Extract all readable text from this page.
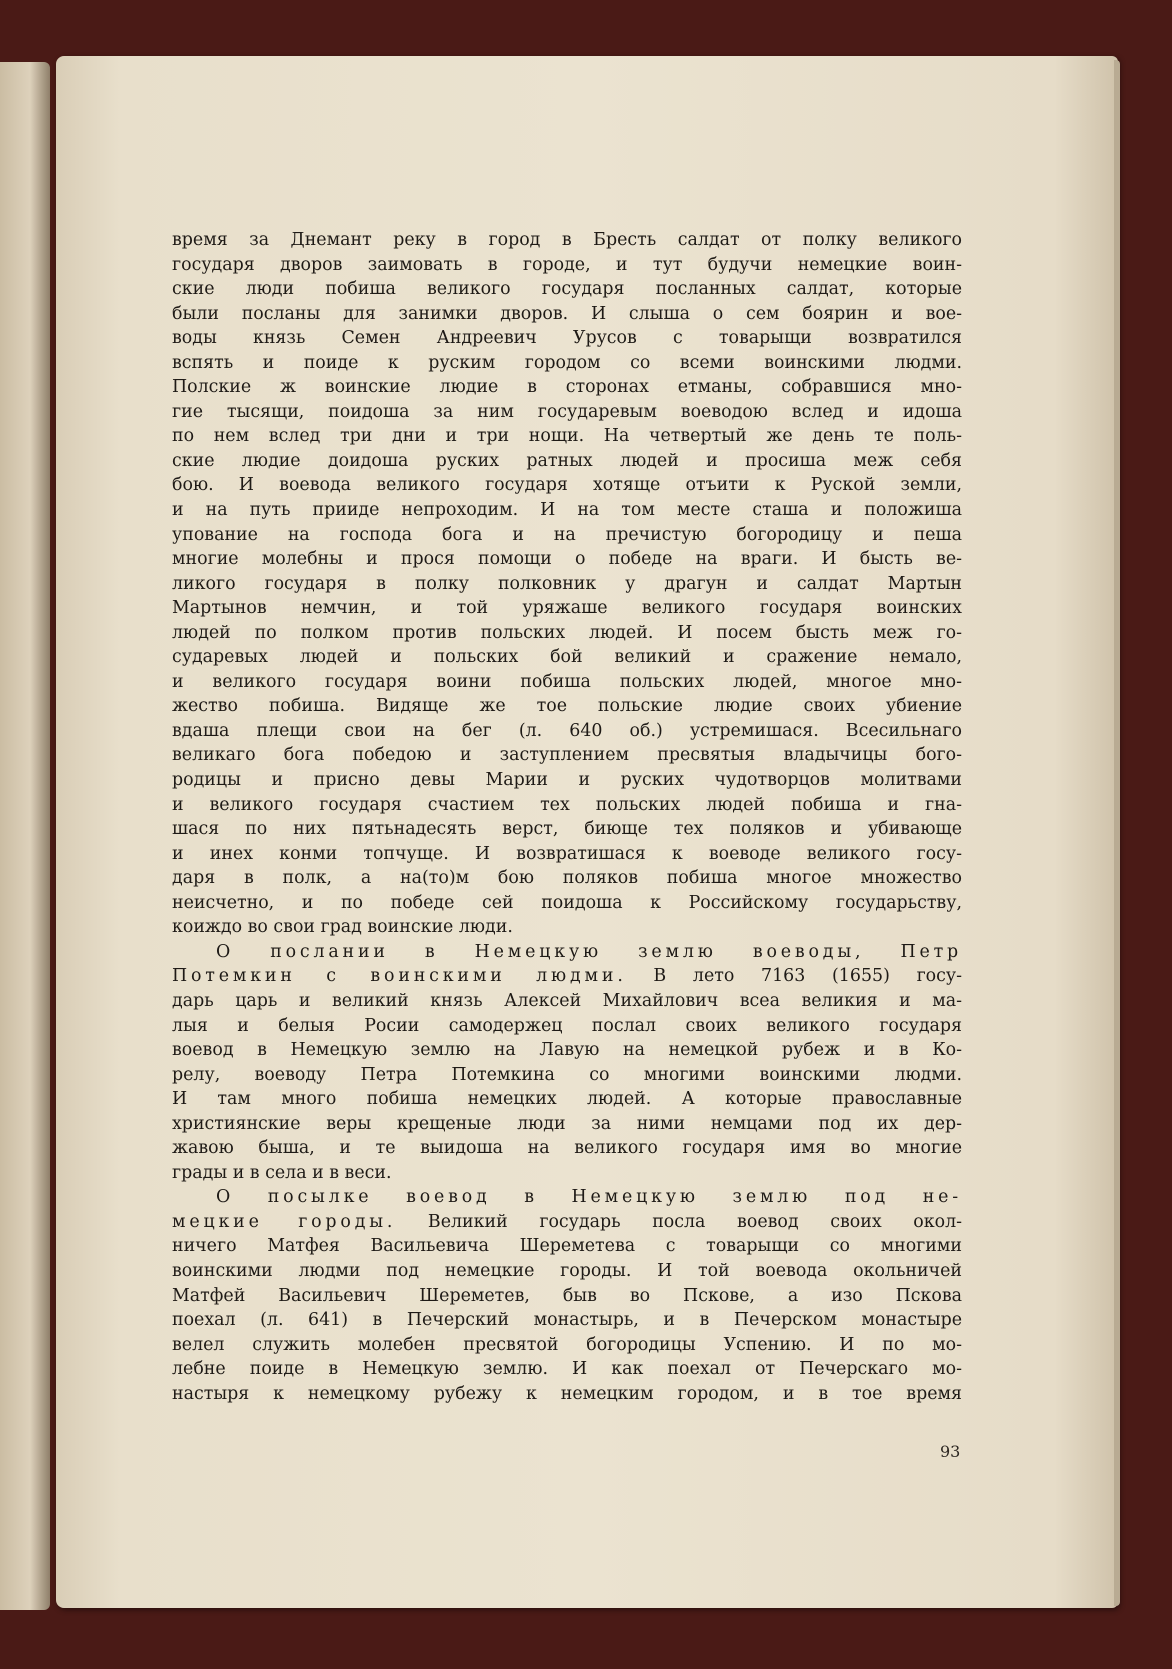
время за Днемант реку в город в Бресть салдат от полку великого
государя дворов заимовать в городе, и тут будучи немецкие воин-
ские люди побиша великого государя посланных салдат, которые
были посланы для занимки дворов. И слыша о сем боярин и вое-
воды князь Семен Андреевич Урусов с товарыщи возвратился
вспять и поиде к руским городом со всеми воинскими людми.
Полские ж воинские людие в сторонах етманы, собравшися мно-
гие тысящи, поидоша за ним государевым воеводою вслед и идоша
по нем вслед три дни и три нощи. На четвертый же день те поль-
ские людие доидоша руских ратных людей и просиша меж себя
бою. И воевода великого государя хотяще отъити к Руской земли,
и на путь прииде непроходим. И на том месте сташа и положиша
упование на господа бога и на пречистую богородицу и пеша
многие молебны и прося помощи о победе на враги. И бысть ве-
ликого государя в полку полковник у драгун и салдат Мартын
Мартынов немчин, и той уряжаше великого государя воинских
людей по полком против польских людей. И посем бысть меж го-
сударевых людей и польских бой великий и сражение немало,
и великого государя воини побиша польских людей, многое мно-
жество побиша. Видяще же тое польские людие своих убиение
вдаша плещи свои на бег (л. 640 об.) устремишася. Всесильнаго
великаго бога победою и заступлением пресвятыя владычицы бого-
родицы и присно девы Марии и руских чудотворцов молитвами
и великого государя счастием тех польских людей побиша и гна-
шася по них пятьнадесять верст, биюще тех поляков и убивающе
и инех конми топчуще. И возвратишася к воеводе великого госу-
даря в полк, а на(то)м бою поляков побиша многое множество
неисчетно, и по победе сей поидоша к Российскому государьству,
коиждо во свои град воинские люди.
О послании в Немецкую землю воеводы, Петр
Потемкин с воинскими людми. В лето 7163 (1655) госу-
дарь царь и великий князь Алексей Михайлович всеа великия и ма-
лыя и белыя Росии самодержец послал своих великого государя
воевод в Немецкую землю на Лавую на немецкой рубеж и в Ко-
релу, воеводу Петра Потемкина со многими воинскими людми.
И там много побиша немецких людей. А которые православные
християнские веры крещеные люди за ними немцами под их дер-
жавою быша, и те выидоша на великого государя имя во многие
грады и в села и в веси.
О посылке воевод в Немецкую землю под не-
мецкие городы. Великий государь посла воевод своих окол-
ничего Матфея Васильевича Шереметева с товарыщи со многими
воинскими людми под немецкие городы. И той воевода окольничей
Матфей Васильевич Шереметев, быв во Пскове, а изо Пскова
поехал (л. 641) в Печерский монастырь, и в Печерском монастыре
велел служить молебен пресвятой богородицы Успению. И по мо-
лебне поиде в Немецкую землю. И как поехал от Печерскаго мо-
настыря к немецкому рубежу к немецким городом, и в тое время
93
